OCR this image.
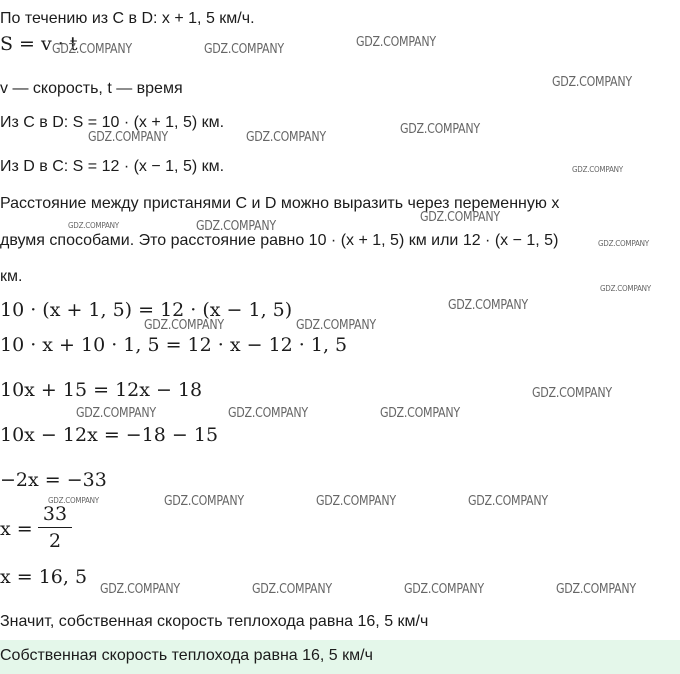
По течению из C в D: x + 1, 5 км/ч.
S = v · t
v — скорость, t — время
Из C в D: S = 10 · (x + 1, 5) км.
Из D в C: S = 12 · (x − 1, 5) км.
Расстояние между пристанями C и D можно выразить через переменную x
двумя способами. Это расстояние равно 10 · (x + 1, 5) км или 12 · (x − 1, 5)
км.
10 · (x + 1, 5) = 12 · (x − 1, 5)
10 · x + 10 · 1, 5 = 12 · x − 12 · 1, 5
10x + 15 = 12x − 18
10x − 12x = −18 − 15
−2x = −33
x =
33
2
x = 16, 5
Значит, собственная скорость теплохода равна 16, 5 км/ч
Собственная скорость теплохода равна 16, 5 км/ч
GDZ.COMPANY	GDZ.COMPANY	GDZ.COMPANY
GDZ.COMPANY
GDZ.COMPANY	GDZ.COMPANY
GDZ.COMPANY
GDZ.COMPANY
GDZ.COMPANY	GDZ.COMPANY
GDZ.COMPANY
GDZ.COMPANY
GDZ.COMPANY
GDZ.COMPANY
GDZ.COMPANY	GDZ.COMPANY
GDZ.COMPANY
GDZ.COMPANY	GDZ.COMPANY	GDZ.COMPANY
GDZ.COMPANY	GDZ.COMPANY	GDZ.COMPANY	GDZ.COMPANY
GDZ.COMPANY	GDZ.COMPANY	GDZ.COMPANY	GDZ.COMPANY
